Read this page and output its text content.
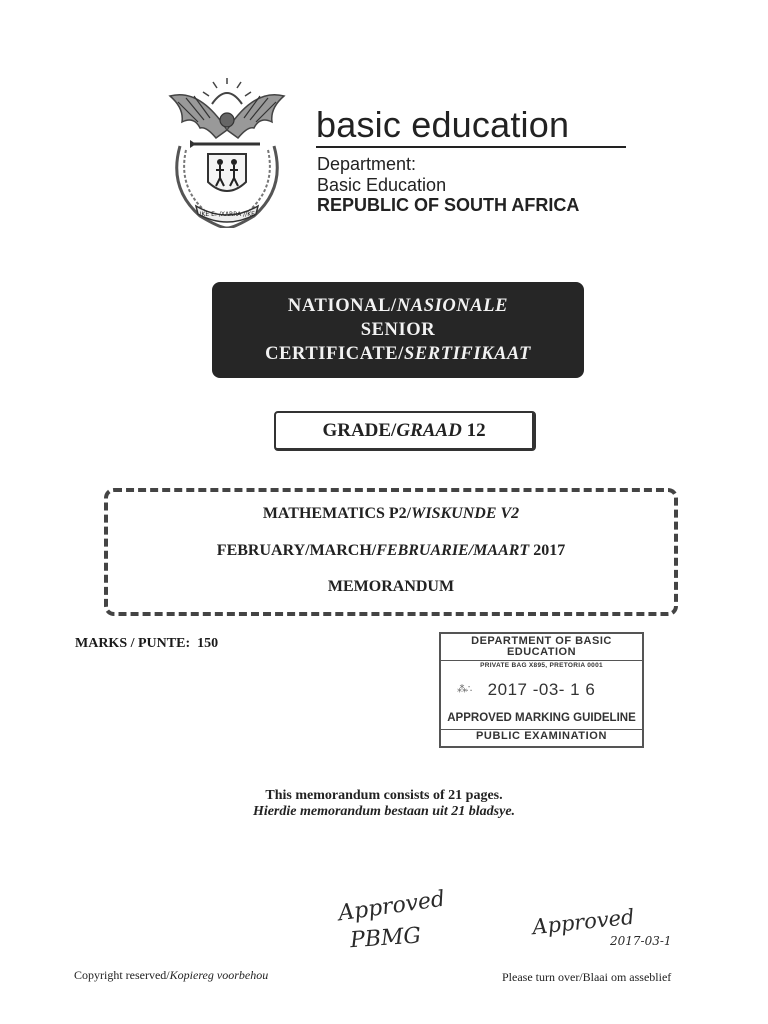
!KE E: /XARRA //KE
basic education
Department:
Basic Education
REPUBLIC OF SOUTH AFRICA
NATIONAL/NASIONALE
SENIOR
CERTIFICATE/SERTIFIKAAT
GRADE/ GRAAD
12
MATHEMATICS P2/WISKUNDE V2
FEBRUARY/MARCH/FEBRUARIE/MAART 2017
MEMORANDUM
MARKS / PUNTE: 150	DEPARTMENT OF BASIC
EDUCATION
PRIVATE BAG X895, PRETORIA 0001
⁂∴ 2017 -03- 1 6
APPROVED MARKING GUIDELINE
PUBLIC EXAMINATION
This memorandum consists of 21 pages.
Hierdie memorandum bestaan uit 21 bladsye.
Approved
PBMG	Approved
2017-03-1
Copyright reserved/Kopiereg voorbehou	Please turn over/Blaai om asseblief
